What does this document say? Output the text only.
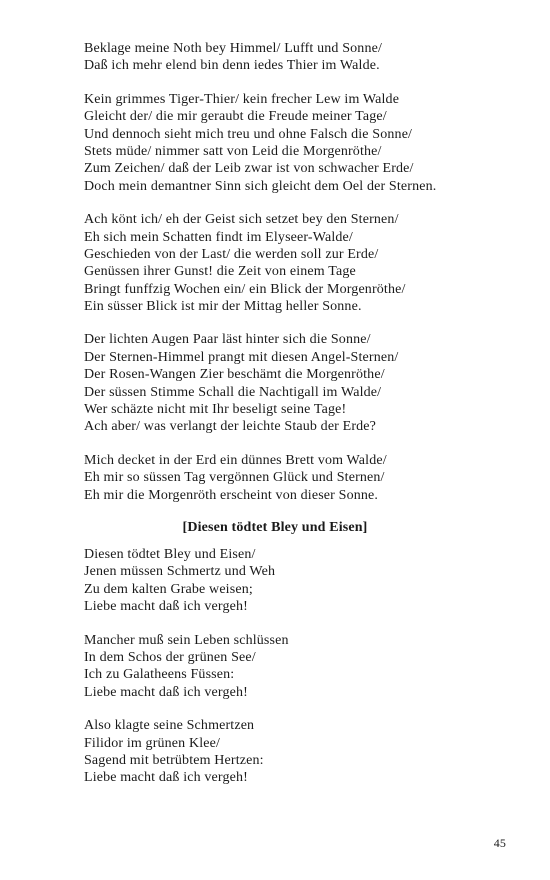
Beklage meine Noth bey Himmel/ Lufft und Sonne/
Daß ich mehr elend bin denn iedes Thier im Walde.
Kein grimmes Tiger-Thier/ kein frecher Lew im Walde
Gleicht der/ die mir geraubt die Freude meiner Tage/
Und dennoch sieht mich treu und ohne Falsch die Sonne/
Stets müde/ nimmer satt von Leid die Morgenröthe/
Zum Zeichen/ daß der Leib zwar ist von schwacher Erde/
Doch mein demantner Sinn sich gleicht dem Oel der Sternen.
Ach könt ich/ eh der Geist sich setzet bey den Sternen/
Eh sich mein Schatten findt im Elyseer-Walde/
Geschieden von der Last/ die werden soll zur Erde/
Genüssen ihrer Gunst! die Zeit von einem Tage
Bringt funffzig Wochen ein/ ein Blick der Morgenröthe/
Ein süsser Blick ist mir der Mittag heller Sonne.
Der lichten Augen Paar läst hinter sich die Sonne/
Der Sternen-Himmel prangt mit diesen Angel-Sternen/
Der Rosen-Wangen Zier beschämt die Morgenröthe/
Der süssen Stimme Schall die Nachtigall im Walde/
Wer schäzte nicht mit Ihr beseligt seine Tage!
Ach aber/ was verlangt der leichte Staub der Erde?
Mich decket in der Erd ein dünnes Brett vom Walde/
Eh mir so süssen Tag vergönnen Glück und Sternen/
Eh mir die Morgenröth erscheint von dieser Sonne.
[Diesen tödtet Bley und Eisen]
Diesen tödtet Bley und Eisen/
Jenen müssen Schmertz und Weh
Zu dem kalten Grabe weisen;
Liebe macht daß ich vergeh!
Mancher muß sein Leben schlüssen
In dem Schos der grünen See/
Ich zu Galatheens Füssen:
Liebe macht daß ich vergeh!
Also klagte seine Schmertzen
Filidor im grünen Klee/
Sagend mit betrübtem Hertzen:
Liebe macht daß ich vergeh!
45
